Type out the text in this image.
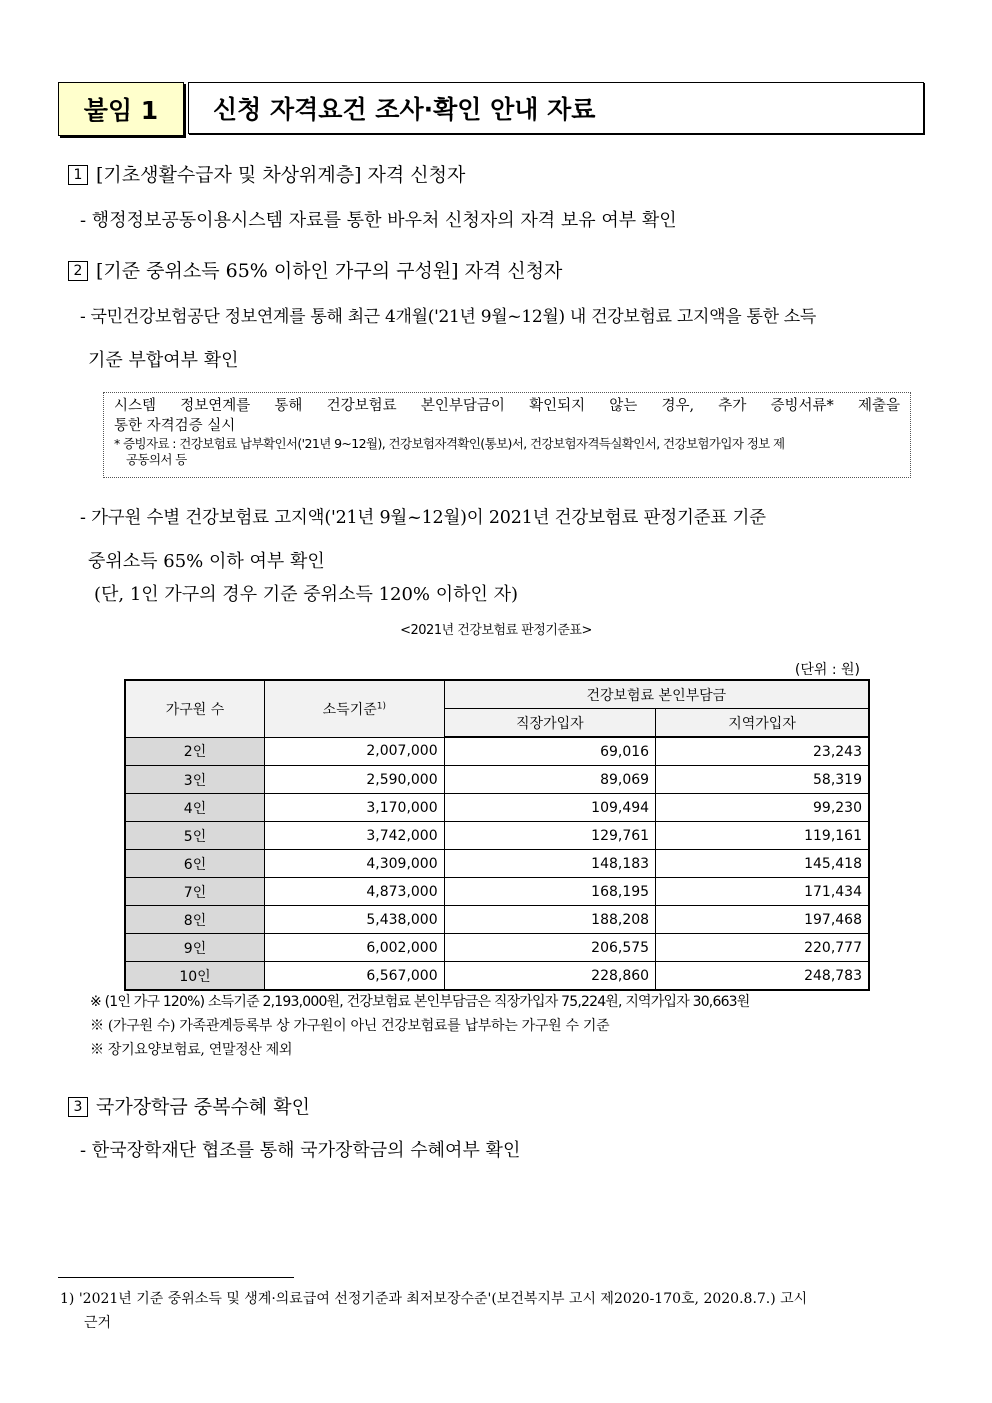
붙임 1 신청 자격요건 조사·확인 안내 자료
1 [기초생활수급자 및 차상위계층] 자격 신청자
- 행정정보공동이용시스템 자료를 통한 바우처 신청자의 자격 보유 여부 확인
2 [기준 중위소득 65% 이하인 가구의 구성원] 자격 신청자
- 국민건강보험공단 정보연계를 통해 최근 4개월('21년 9월~12월) 내 건강보험료 고지액을 통한 소득
기준 부합여부 확인
시스템 정보연계를 통해 건강보험료 본인부담금이 확인되지 않는 경우, 추가 증빙서류* 제출을
통한 자격검증 실시
* 증빙자료 : 건강보험료 납부확인서('21년 9~12월), 건강보험자격확인(통보)서, 건강보험자격득실확인서, 건강보험가입자 정보 제
공동의서 등
- 가구원 수별 건강보험료 고지액('21년 9월~12월)이 2021년 건강보험료 판정기준표 기준
중위소득 65% 이하 여부 확인
(단, 1인 가구의 경우 기준 중위소득 120% 이하인 자)
<2021년 건강보험료 판정기준표>
(단위 : 원)
가구원 수	소득기준$^{1)}$	건강보험료 본인부담금	
		직장가입자	지역가입자
2인	2,007,000	69,016	23,243
3인	2,590,000	89,069	58,319
4인	3,170,000	109,494	99,230
5인	3,742,000	129,761	119,161
6인	4,309,000	148,183	145,418
7인	4,873,000	168,195	171,434
8인	5,438,000	188,208	197,468
9인	6,002,000	206,575	220,777
10인	6,567,000	228,860	248,783
※ (1인 가구 120%) 소득기준 2,193,000원, 건강보험료 본인부담금은 직장가입자 75,224원, 지역가입자 30,663원
※ (가구원 수) 가족관계등록부 상 가구원이 아닌 건강보험료를 납부하는 가구원 수 기준
※ 장기요양보험료, 연말정산 제외
3 국가장학금 중복수혜 확인
- 한국장학재단 협조를 통해 국가장학금의 수혜여부 확인
1) '2021년 기준 중위소득 및 생계·의료급여 선정기준과 최저보장수준'(보건복지부 고시 제2020-170호, 2020.8.7.) 고시
근거
